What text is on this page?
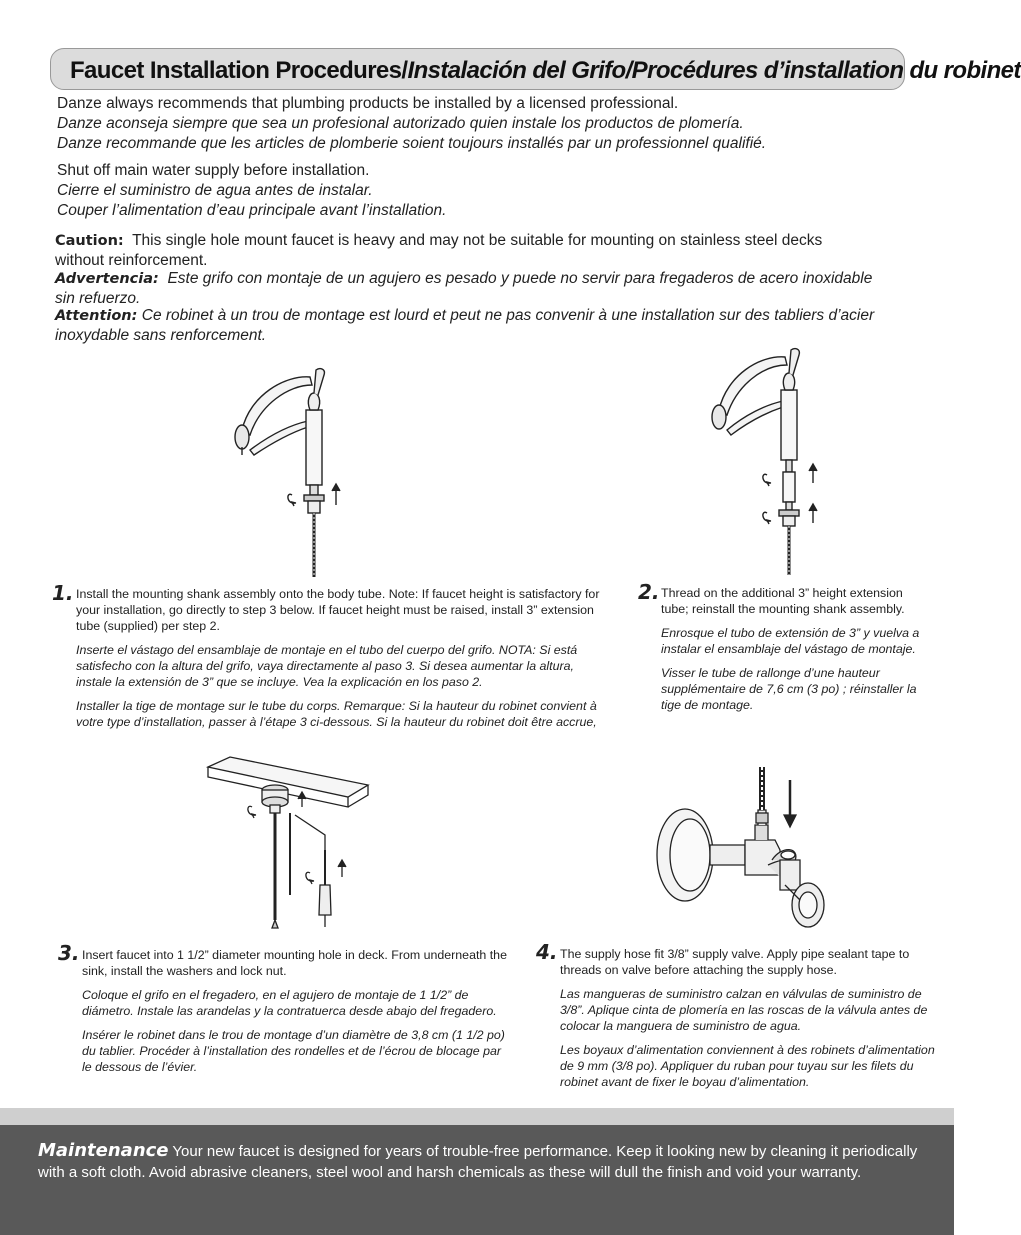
Faucet Installation Procedures/Instalación del Grifo/Procédures d’installation du robinet
Danze always recommends that plumbing products be installed by a licensed professional.
Danze aconseja siempre que sea un profesional autorizado quien instale los productos de plomería.
Danze recommande que les articles de plomberie soient toujours installés par un professionnel qualifié.
Shut off main water supply before installation.
Cierre el suministro de agua antes de instalar.
Couper l’alimentation d’eau principale avant l’installation.
Caution: This single hole mount faucet is heavy and may not be suitable for mounting on stainless steel decks without reinforcement.
Advertencia: Este grifo con montaje de un agujero es pesado y puede no servir para fregaderos de acero inoxidable sin refuerzo.
Attention: Ce robinet à un trou de montage est lourd et peut ne pas convenir à une installation sur des tabliers d’acier inoxydable sans renforcement.
1. Install the mounting shank assembly onto the body tube. Note: If faucet height is satisfactory for your installation, go directly to step 3 below. If faucet height must be raised, install 3” extension tube (supplied) per step 2.

Inserte el vástago del ensamblaje de montaje en el tubo del cuerpo del grifo. NOTA: Si está satisfecho con la altura del grifo, vaya directamente al paso 3. Si desea aumentar la altura, instale la extensión de 3” que se incluye. Vea la explicación en los paso 2.

Installer la tige de montage sur le tube du corps. Remarque: Si la hauteur du robinet convient à votre type d’installation, passer à l’étape 3 ci-dessous. Si la hauteur du robinet doit être accrue,

2. Thread on the additional 3” height extension tube; reinstall the mounting shank assembly.

Enrosque el tubo de extensión de 3” y vuelva a instalar el ensamblaje del vástago de montaje.

Visser le tube de rallonge d’une hauteur supplémentaire de 7,6 cm (3 po) ; réinstaller la tige de montage.

3. Insert faucet into 1 1/2” diameter mounting hole in deck. From underneath the sink, install the washers and lock nut.

Coloque el grifo en el fregadero, en el agujero de montaje de 1 1/2” de diámetro. Instale las arandelas y la contratuerca desde abajo del fregadero.

Insérer le robinet dans le trou de montage d’un diamètre de 3,8 cm (1 1/2 po) du tablier. Procéder à l’installation des rondelles et de l’écrou de blocage par le dessous de l’évier.

4. The supply hose fit 3/8” supply valve. Apply pipe sealant tape to threads on valve before attaching the supply hose.

Las mangueras de suministro calzan en válvulas de suministro de 3/8”. Aplique cinta de plomería en las roscas de la válvula antes de colocar la manguera de suministro de agua.

Les boyaux d’alimentation conviennent à des robinets d’alimentation de 9 mm (3/8 po). Appliquer du ruban pour tuyau sur les filets du robinet avant de fixer le boyau d’alimentation.

Maintenance Your new faucet is designed for years of trouble-free performance. Keep it looking new by cleaning it periodically with a soft cloth. Avoid abrasive cleaners, steel wool and harsh chemicals as these will dull the finish and void your warranty.
